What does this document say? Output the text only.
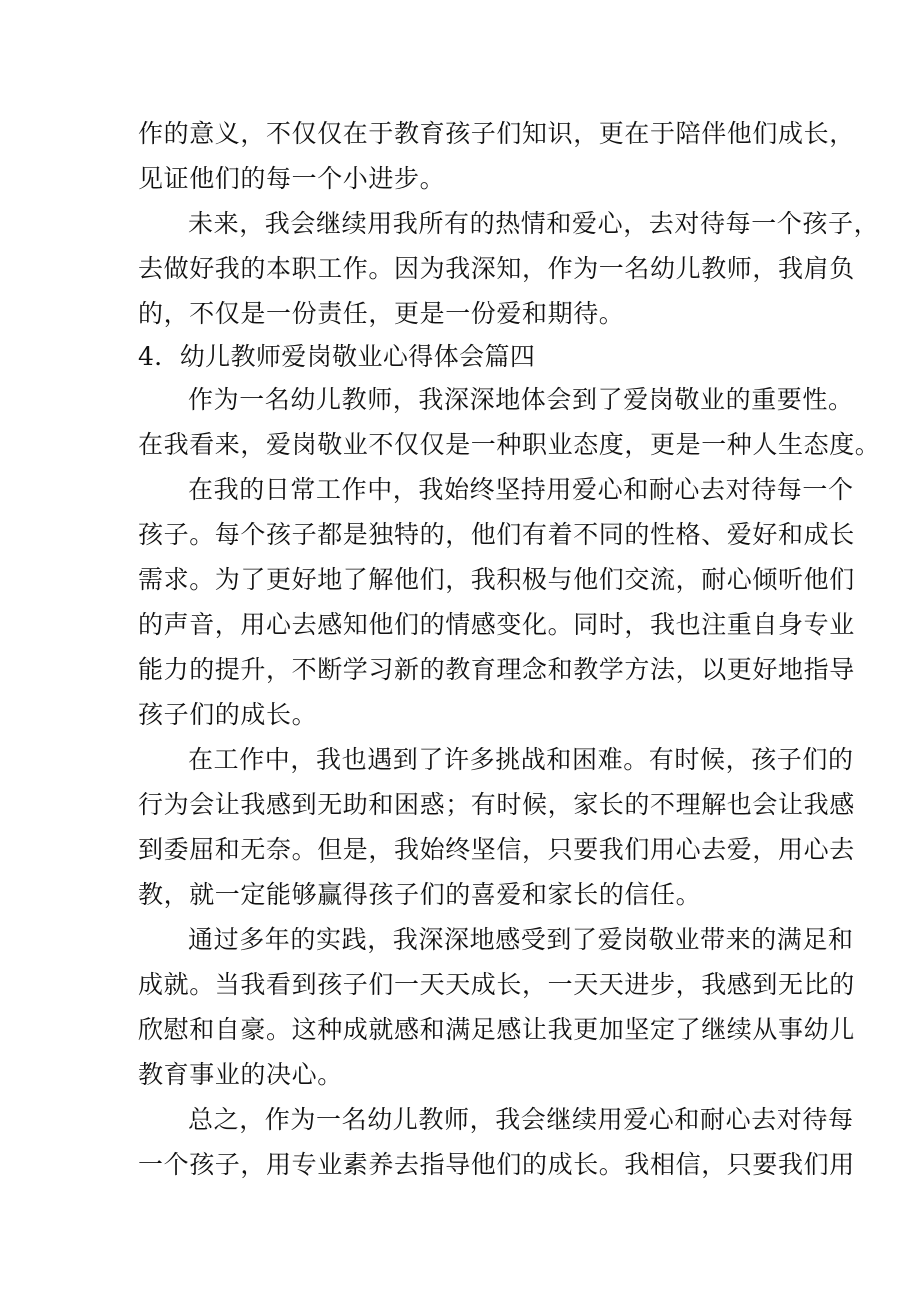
作的意义，不仅仅在于教育孩子们知识，更在于陪伴他们成长，
见证他们的每一个小进步。
未来，我会继续用我所有的热情和爱心，去对待每一个孩子，
去做好我的本职工作。因为我深知，作为一名幼儿教师，我肩负
的，不仅是一份责任，更是一份爱和期待。
4．幼儿教师爱岗敬业心得体会篇四
作为一名幼儿教师，我深深地体会到了爱岗敬业的重要性。
在我看来，爱岗敬业不仅仅是一种职业态度，更是一种人生态度。
在我的日常工作中，我始终坚持用爱心和耐心去对待每一个
孩子。每个孩子都是独特的，他们有着不同的性格、爱好和成长
需求。为了更好地了解他们，我积极与他们交流，耐心倾听他们
的声音，用心去感知他们的情感变化。同时，我也注重自身专业
能力的提升，不断学习新的教育理念和教学方法，以更好地指导
孩子们的成长。
在工作中，我也遇到了许多挑战和困难。有时候，孩子们的
行为会让我感到无助和困惑；有时候，家长的不理解也会让我感
到委屈和无奈。但是，我始终坚信，只要我们用心去爱，用心去
教，就一定能够赢得孩子们的喜爱和家长的信任。
通过多年的实践，我深深地感受到了爱岗敬业带来的满足和
成就。当我看到孩子们一天天成长，一天天进步，我感到无比的
欣慰和自豪。这种成就感和满足感让我更加坚定了继续从事幼儿
教育事业的决心。
总之，作为一名幼儿教师，我会继续用爱心和耐心去对待每
一个孩子，用专业素养去指导他们的成长。我相信，只要我们用
